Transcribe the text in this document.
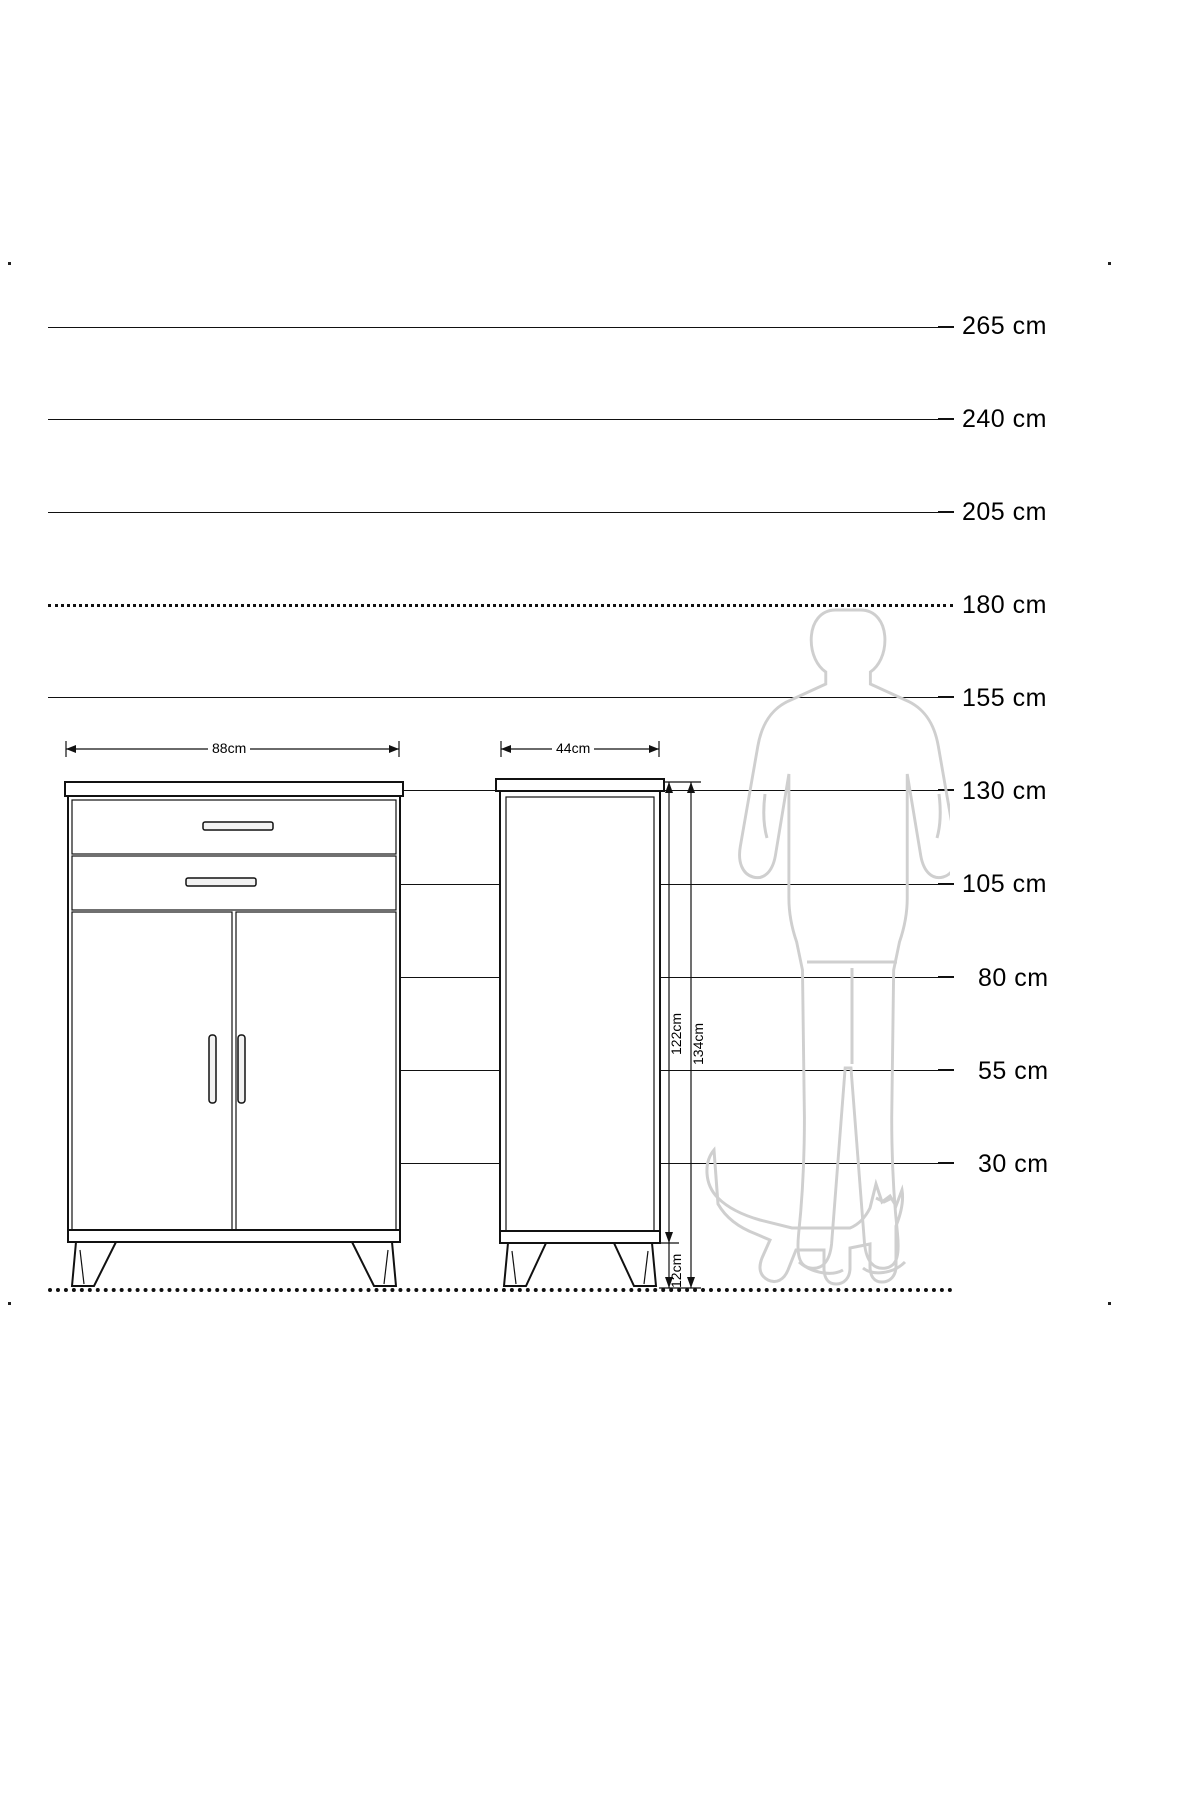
265 cm
240 cm
205 cm
180 cm
155 cm
130 cm
105 cm
80 cm
55 cm
30 cm
88cm	44cm
122cm 134cm
12cm
